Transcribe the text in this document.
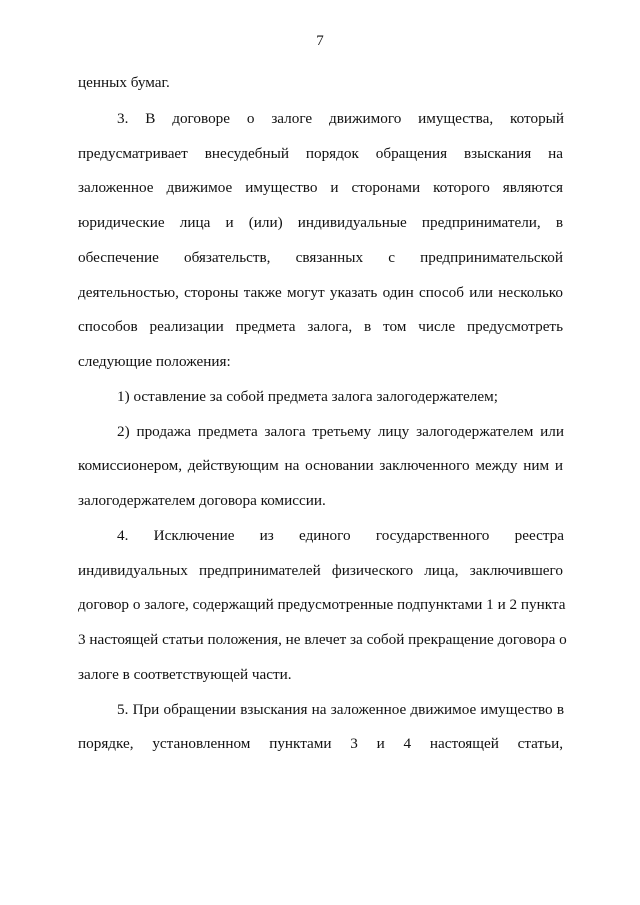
7
ценных бумаг.
3. В договоре о залоге движимого имущества, который
предусматривает внесудебный порядок обращения взыскания на
заложенное движимое имущество и сторонами которого являются
юридические лица и (или) индивидуальные предприниматели, в
обеспечение обязательств, связанных с предпринимательской
деятельностью, стороны также могут указать один способ или несколько
способов реализации предмета залога, в том числе предусмотреть
следующие положения:
1) оставление за собой предмета залога залогодержателем;
2) продажа предмета залога третьему лицу залогодержателем или
комиссионером, действующим на основании заключенного между ним и
залогодержателем договора комиссии.
4. Исключение из единого государственного реестра
индивидуальных предпринимателей физического лица, заключившего
договор о залоге, содержащий предусмотренные подпунктами 1 и 2 пункта
3 настоящей статьи положения, не влечет за собой прекращение договора о
залоге в соответствующей части.
5. При обращении взыскания на заложенное движимое имущество в
порядке, установленном пунктами 3 и 4 настоящей статьи,
